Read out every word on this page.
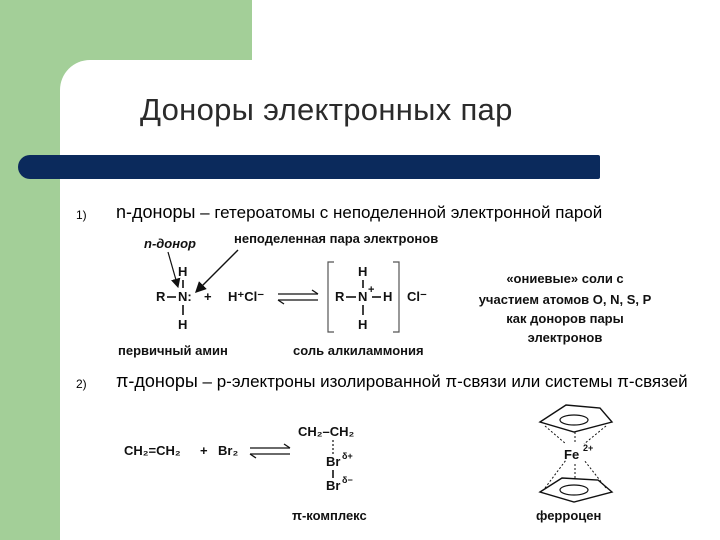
Доноры электронных пар
1) n-доноры – гетероатомы с неподеленной электронной парой
2) π-доноры – p-электроны изолированной π-связи или системы π-связей
n-донор	неподеленная пара электронов
H
R N:
H
+ H⁺Cl⁻
H
R N + H
H
Cl⁻
«ониевые» соли с
участием атомов O, N, S, P
как доноров пары
электронов
первичный амин	соль алкиламмония
CH₂=CH₂ + Br₂
CH₂–CH₂
Br δ+
Br δ−
π-комплекс
Fe 2+
ферроцен
